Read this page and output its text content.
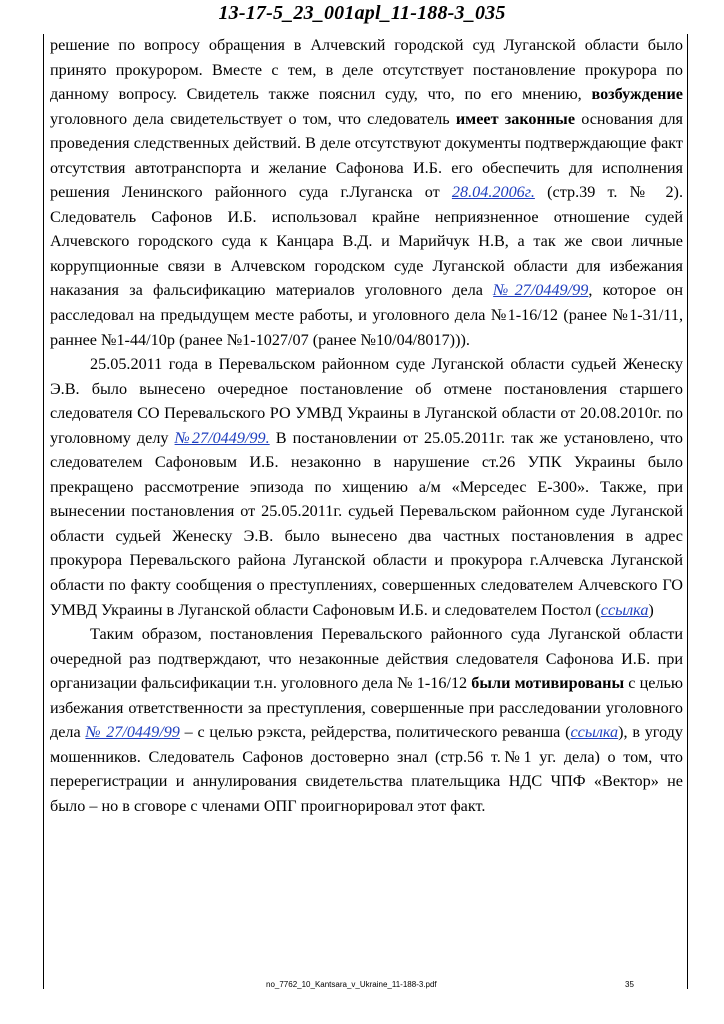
13-17-5_23_001apl_11-188-3_035

решение по вопросу обращения в Алчевский городской суд Луганской области было принято прокурором. Вместе с тем, в деле отсутствует постановление прокурора по данному вопросу. Свидетель также пояснил суду, что, по его мнению, возбуждение уголовного дела свидетельствует о том, что следователь имеет законные основания для проведения следственных действий. В деле отсутствуют документы подтверждающие факт отсутствия автотранспорта и желание Сафонова И.Б. его обеспечить для исполнения решения Ленинского районного суда г.Луганска от 28.04.2006г. (стр.39 т. № 2). Следователь Сафонов И.Б. использовал крайне неприязненное отношение судей Алчевского городского суда к Канцара В.Д. и Марийчук Н.В, а так же свои личные коррупционные связи в Алчевском городском суде Луганской области для избежания наказания за фальсификацию материалов уголовного дела №27/0449/99, которое он расследовал на предыдущем месте работы, и уголовного дела №1-16/12 (ранее №1-31/11, раннее №1-44/10р (ранее №1-1027/07 (ранее №10/04/8017))).

25.05.2011 года в Перевальском районном суде Луганской области судьей Женеску Э.В. было вынесено очередное постановление об отмене постановления старшего следователя СО Перевальского РО УМВД Украины в Луганской области от 20.08.2010г. по уголовному делу №27/0449/99. В постановлении от 25.05.2011г. так же установлено, что следователем Сафоновым И.Б. незаконно в нарушение ст.26 УПК Украины было прекращено рассмотрение эпизода по хищению а/м «Мерседес Е-300». Также, при вынесении постановления от 25.05.2011г. судьей Перевальском районном суде Луганской области судьей Женеску Э.В. было вынесено два частных постановления в адрес прокурора Перевальского района Луганской области и прокурора г.Алчевска Луганской области по факту сообщения о преступлениях, совершенных следователем Алчевского ГО УМВД Украины в Луганской области Сафоновым И.Б. и следователем Постол (ссылка)

Таким образом, постановления Перевальского районного суда Луганской области очередной раз подтверждают, что незаконные действия следователя Сафонова И.Б. при организации фальсификации т.н. уголовного дела № 1-16/12 были мотивированы с целью избежания ответственности за преступления, совершенные при расследовании уголовного дела № 27/0449/99 – с целью рэкста, рейдерства, политического реванша (ссылка), в угоду мошенников. Следователь Сафонов достоверно знал (стр.56 т.№1 уг. дела) о том, что перерегистрации и аннулирования свидетельства плательщика НДС ЧПФ «Вектор» не было – но в сговоре с членами ОПГ проигнорировал этот факт.

no_7762_10_Kantsara_v_Ukraine_11-188-3.pdf	35
